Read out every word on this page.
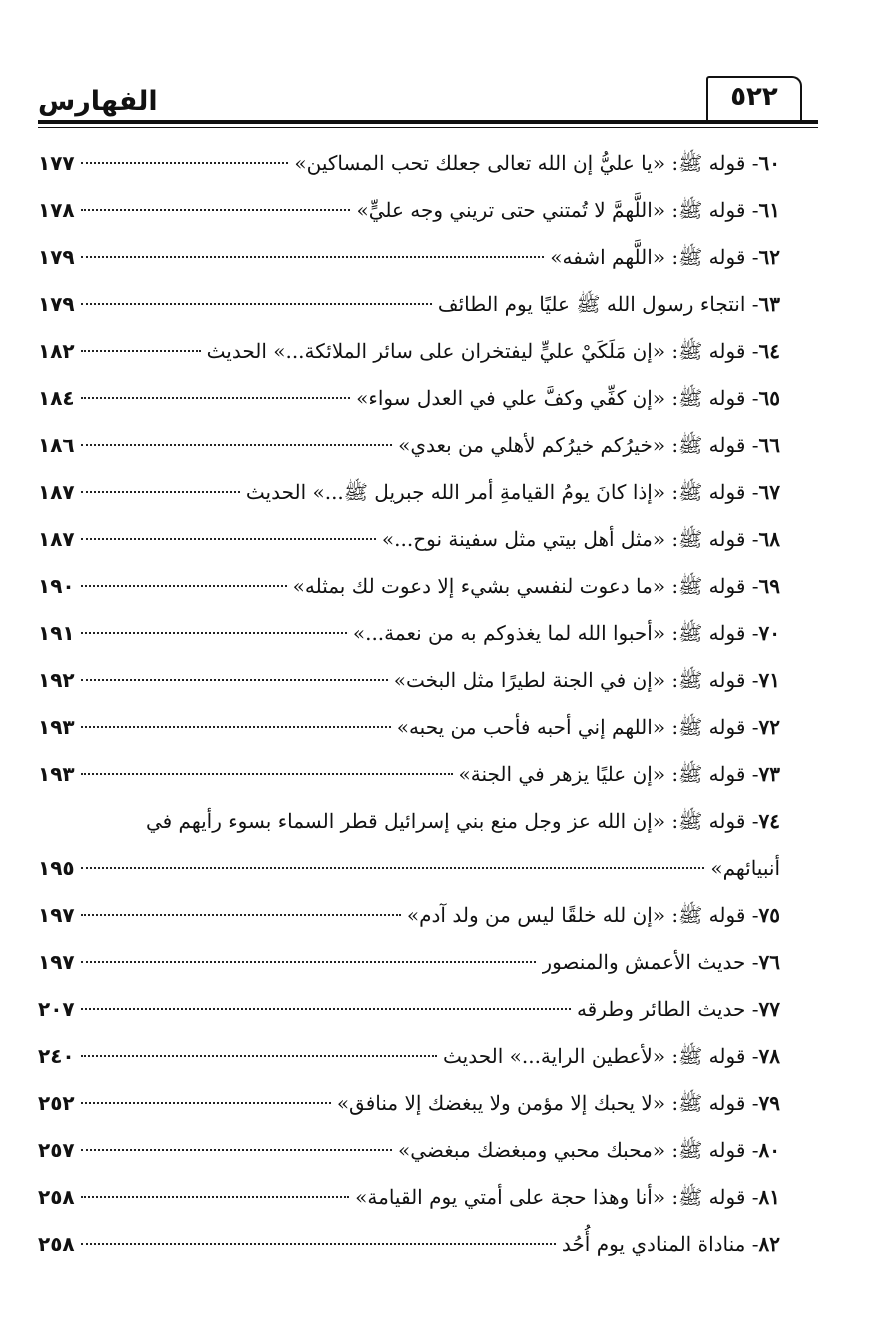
الفهارس	٥٢٢
٦٠- قوله ﷺ: «يا عليُّ إن الله تعالى جعلك تحب المساكين»
١٧٧
٦١- قوله ﷺ: «اللَّهمَّ لا تُمتني حتى تريني وجه عليٍّ»
١٧٨
٦٢- قوله ﷺ: «اللَّهم اشفه»
١٧٩
٦٣- انتجاء رسول الله ﷺ عليًا يوم الطائف
١٧٩
٦٤- قوله ﷺ: «إن مَلَكَيْ عليٍّ ليفتخران على سائر الملائكة...» الحديث
١٨٢
٦٥- قوله ﷺ: «إن كفِّي وكفَّ علي في العدل سواء»
١٨٤
٦٦- قوله ﷺ: «خيرُكم خيرُكم لأهلي من بعدي»
١٨٦
٦٧- قوله ﷺ: «إذا كانَ يومُ القيامةِ أمر الله جبريل ﷺ...» الحديث
١٨٧
٦٨- قوله ﷺ: «مثل أهل بيتي مثل سفينة نوح...»
١٨٧
٦٩- قوله ﷺ: «ما دعوت لنفسي بشيء إلا دعوت لك بمثله»
١٩٠
٧٠- قوله ﷺ: «أحبوا الله لما يغذوكم به من نعمة...»
١٩١
٧١- قوله ﷺ: «إن في الجنة لطيرًا مثل البخت»
١٩٢
٧٢- قوله ﷺ: «اللهم إني أحبه فأحب من يحبه»
١٩٣
٧٣- قوله ﷺ: «إن عليًا يزهر في الجنة»
١٩٣
٧٤- قوله ﷺ: «إن الله عز وجل منع بني إسرائيل قطر السماء بسوء رأيهم في
أنبيائهم»
١٩٥
٧٥- قوله ﷺ: «إن لله خلقًا ليس من ولد آدم»
١٩٧
٧٦- حديث الأعمش والمنصور
١٩٧
٧٧- حديث الطائر وطرقه
٢٠٧
٧٨- قوله ﷺ: «لأعطين الراية...» الحديث
٢٤٠
٧٩- قوله ﷺ: «لا يحبك إلا مؤمن ولا يبغضك إلا منافق»
٢٥٢
٨٠- قوله ﷺ: «محبك محبي ومبغضك مبغضي»
٢٥٧
٨١- قوله ﷺ: «أنا وهذا حجة على أمتي يوم القيامة»
٢٥٨
٨٢- مناداة المنادي يوم أُحُد
٢٥٨
